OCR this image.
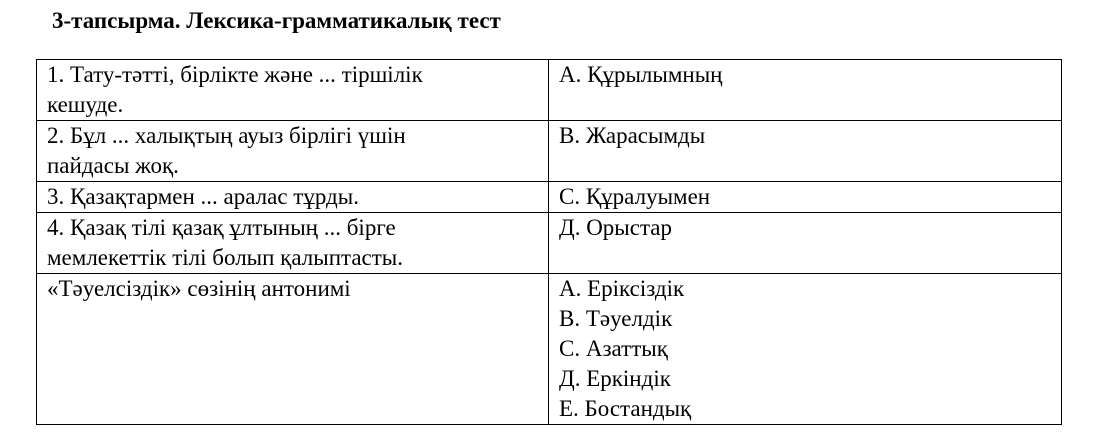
3-тапсырма. Лексика-грамматикалық тест
1. Тату-тәтті, бірлікте және ... тіршілік
кешуде.	А. Құрылымның

2. Бұл ... халықтың ауыз бірлігі үшін
пайдасы жоқ.	В. Жарасымды

3. Қазақтармен ... аралас тұрды.	С. Құралуымен

4. Қазақ тілі қазақ ұлтының ... бірге
мемлекеттік тілі болып қалыптасты.	Д. Орыстар

«Тәуелсіздік» сөзінің антонимі	А. Еріксіздік
В. Тәуелдік
С. Азаттық
Д. Еркіндік
Е. Бостандық
